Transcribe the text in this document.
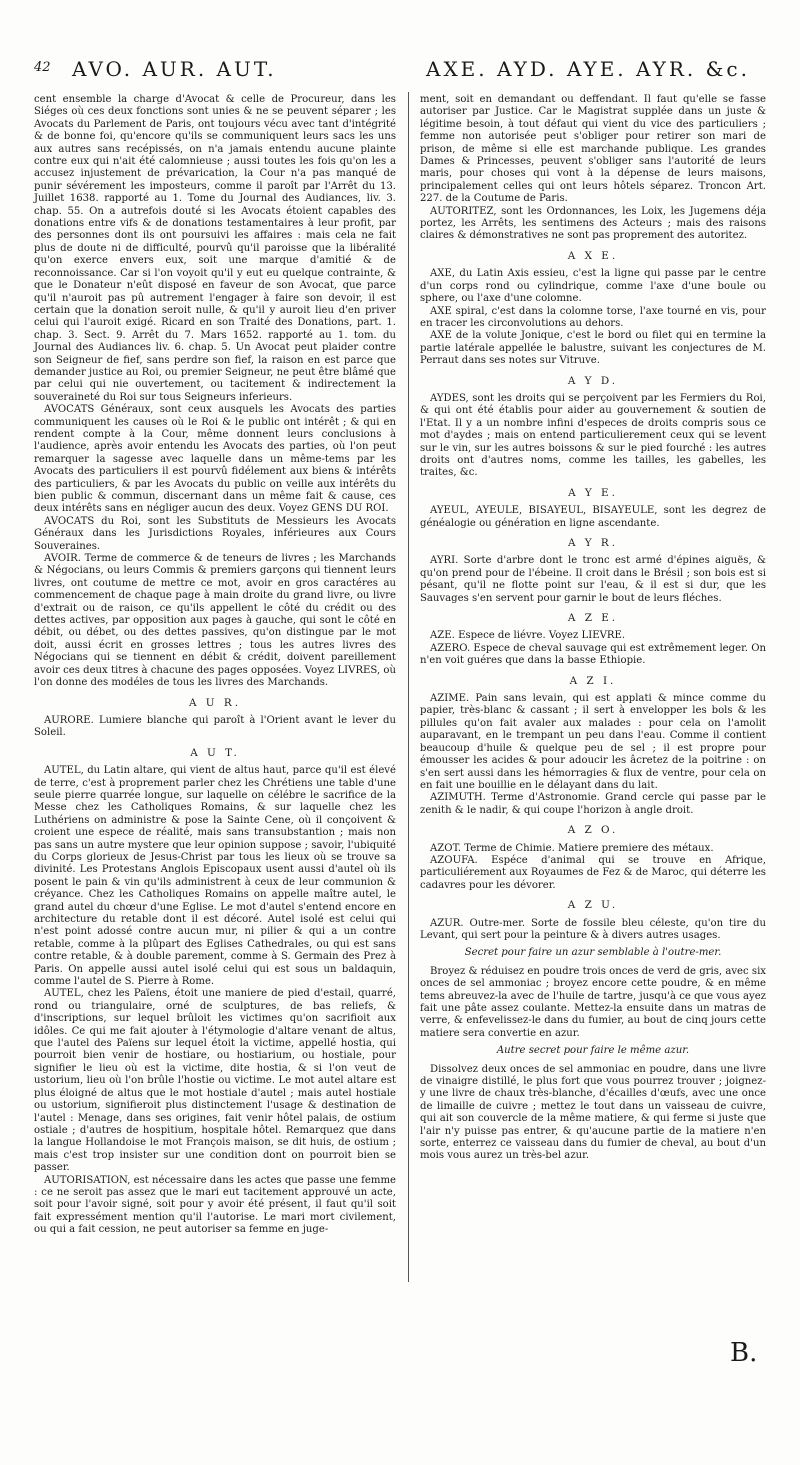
42 AVO. AUR. AUT.	AXE. AYD. AYE. AYR. &c.

cent ensemble la charge d'Avocat & celle de Procureur, dans les Siéges où ces deux fonctions sont unies & ne se peuvent séparer ; les Avocats du Parlement de Paris, ont toujours vécu avec tant d'intégrité & de bonne foi, qu'encore qu'ils se communiquent leurs sacs les uns aux autres sans recépissés, on n'a jamais entendu aucune plainte contre eux qui n'ait été calomnieuse ; aussi toutes les fois qu'on les a accusez injustement de prévarication, la Cour n'a pas manqué de punir sévérement les imposteurs, comme il paroît par l'Arrêt du 13. Juillet 1638. rapporté au 1. Tome du Journal des Audiances, liv. 3. chap. 55. On a autrefois douté si les Avocats étoient capables des donations entre vifs & de donations testamentaires à leur profit, par des personnes dont ils ont poursuivi les affaires : mais cela ne fait plus de doute ni de difficulté, pourvû qu'il paroisse que la libéralité qu'on exerce envers eux, soit une marque d'amitié & de reconnoissance. Car si l'on voyoit qu'il y eut eu quelque contrainte, & que le Donateur n'eût disposé en faveur de son Avocat, que parce qu'il n'auroit pas pû autrement l'engager à faire son devoir, il est certain que la donation seroit nulle, & qu'il y auroit lieu d'en priver celui qui l'auroit exigé. Ricard en son Traité des Donations, part. 1. chap. 3. Sect. 9. Arrêt du 7. Mars 1652. rapporté au 1. tom. du Journal des Audiances liv. 6. chap. 5. Un Avocat peut plaider contre son Seigneur de fief, sans perdre son fief, la raison en est parce que demander justice au Roi, ou premier Seigneur, ne peut être blâmé que par celui qui nie ouvertement, ou tacitement & indirectement la souveraineté du Roi sur tous Seigneurs inferieurs.

AVOCATS Généraux, sont ceux ausquels les Avocats des parties communiquent les causes où le Roi & le public ont intérêt ; & qui en rendent compte à la Cour, même donnent leurs conclusions à l'audience, après avoir entendu les Avocats des parties, où l'on peut remarquer la sagesse avec laquelle dans un même-tems par les Avocats des particuliers il est pourvû fidélement aux biens & intérêts des particuliers, & par les Avocats du public on veille aux intérêts du bien public & commun, discernant dans un même fait & cause, ces deux intérêts sans en négliger aucun des deux. Voyez GENS DU ROI.

AVOCATS du Roi, sont les Substituts de Messieurs les Avocats Généraux dans les Jurisdictions Royales, inférieures aux Cours Souveraines.

AVOIR. Terme de commerce & de teneurs de livres ; les Marchands & Négocians, ou leurs Commis & premiers garçons qui tiennent leurs livres, ont coutume de mettre ce mot, avoir en gros caractéres au commencement de chaque page à main droite du grand livre, ou livre d'extrait ou de raison, ce qu'ils appellent le côté du crédit ou des dettes actives, par opposition aux pages à gauche, qui sont le côté en débit, ou débet, ou des dettes passives, qu'on distingue par le mot doit, aussi écrit en grosses lettres ; tous les autres livres des Négocians qui se tiennent en débit & crédit, doivent pareillement avoir ces deux titres à chacune des pages opposées. Voyez LIVRES, où l'on donne des modéles de tous les livres des Marchands.

A U R.

AURORE. Lumiere blanche qui paroît à l'Orient avant le lever du Soleil.

A U T.

AUTEL, du Latin altare, qui vient de altus haut, parce qu'il est élevé de terre, c'est à proprement parler chez les Chrétiens une table d'une seule pierre quarrée longue, sur laquelle on célébre le sacrifice de la Messe chez les Catholiques Romains, & sur laquelle chez les Luthériens on administre & pose la Sainte Cene, où il conçoivent & croient une espece de réalité, mais sans transubstantion ; mais non pas sans un autre mystere que leur opinion suppose ; savoir, l'ubiquité du Corps glorieux de Jesus-Christ par tous les lieux où se trouve sa divinité. Les Protestans Anglois Episcopaux usent aussi d'autel où ils posent le pain & vin qu'ils administrent à ceux de leur communion & créyance. Chez les Catholiques Romains on appelle maître autel, le grand autel du chœur d'une Eglise. Le mot d'autel s'entend encore en architecture du retable dont il est décoré. Autel isolé est celui qui n'est point adossé contre aucun mur, ni pilier & qui a un contre retable, comme à la plûpart des Eglises Cathedrales, ou qui est sans contre retable, & à double parement, comme à S. Germain des Prez à Paris. On appelle aussi autel isolé celui qui est sous un baldaquin, comme l'autel de S. Pierre à Rome.

AUTEL, chez les Païens, étoit une maniere de pied d'estail, quarré, rond ou triangulaire, orné de sculptures, de bas reliefs, & d'inscriptions, sur lequel brûloit les victimes qu'on sacrifioit aux idôles. Ce qui me fait ajouter à l'étymologie d'altare venant de altus, que l'autel des Païens sur lequel étoit la victime, appellé hostia, qui pourroit bien venir de hostiare, ou hostiarium, ou hostiale, pour signifier le lieu où est la victime, dite hostia, & si l'on veut de ustorium, lieu où l'on brûle l'hostie ou victime. Le mot autel altare est plus éloigné de altus que le mot hostiale d'autel ; mais autel hostiale ou ustorium, signifieroit plus distinctement l'usage & destination de l'autel : Menage, dans ses origines, fait venir hôtel palais, de ostium ostiale ; d'autres de hospitium, hospitale hôtel. Remarquez que dans la langue Hollandoise le mot François maison, se dit huis, de ostium ; mais c'est trop insister sur une condition dont on pourroit bien se passer.

AUTORISATION, est nécessaire dans les actes que passe une femme : ce ne seroit pas assez que le mari eut tacitement approuvé un acte, soit pour l'avoir signé, soit pour y avoir été présent, il faut qu'il soit fait expressément mention qu'il l'autorise. Le mari mort civilement, ou qui a fait cession, ne peut autoriser sa femme en juge-

ment, soit en demandant ou deffendant. Il faut qu'elle se fasse autoriser par Justice. Car le Magistrat supplée dans un juste & légitime besoin, à tout défaut qui vient du vice des particuliers ; femme non autorisée peut s'obliger pour retirer son mari de prison, de même si elle est marchande publique. Les grandes Dames & Princesses, peuvent s'obliger sans l'autorité de leurs maris, pour choses qui vont à la dépense de leurs maisons, principalement celles qui ont leurs hôtels séparez. Troncon Art. 227. de la Coutume de Paris.

AUTORITEZ, sont les Ordonnances, les Loix, les Jugemens déja portez, les Arrêts, les sentimens des Acteurs ; mais des raisons claires & démonstratives ne sont pas proprement des autoritez.

A X E.

AXE, du Latin Axis essieu, c'est la ligne qui passe par le centre d'un corps rond ou cylindrique, comme l'axe d'une boule ou sphere, ou l'axe d'une colomne.

AXE spiral, c'est dans la colomne torse, l'axe tourné en vis, pour en tracer les circonvolutions au dehors.

AXE de la volute Jonique, c'est le bord ou filet qui en termine la partie latérale appellée le balustre, suivant les conjectures de M. Perraut dans ses notes sur Vitruve.

A Y D.

AYDES, sont les droits qui se perçoivent par les Fermiers du Roi, & qui ont été établis pour aider au gouvernement & soutien de l'Etat. Il y a un nombre infini d'especes de droits compris sous ce mot d'aydes ; mais on entend particulierement ceux qui se levent sur le vin, sur les autres boissons & sur le pied fourché : les autres droits ont d'autres noms, comme les tailles, les gabelles, les traites, &c.

A Y E.

AYEUL, AYEULE, BISAYEUL, BISAYEULE, sont les degrez de généalogie ou génération en ligne ascendante.

A Y R.

AYRI. Sorte d'arbre dont le tronc est armé d'épines aiguës, & qu'on prend pour de l'ébeine. Il croit dans le Brésil ; son bois est si pésant, qu'il ne flotte point sur l'eau, & il est si dur, que les Sauvages s'en servent pour garnir le bout de leurs fléches.

A Z E.

AZE. Espece de liévre. Voyez LIEVRE.

AZERO. Espece de cheval sauvage qui est extrêmement leger. On n'en voit guéres que dans la basse Ethiopie.

A Z I.

AZIME. Pain sans levain, qui est applati & mince comme du papier, très-blanc & cassant ; il sert à envelopper les bols & les pillules qu'on fait avaler aux malades : pour cela on l'amolit auparavant, en le trempant un peu dans l'eau. Comme il contient beaucoup d'huile & quelque peu de sel ; il est propre pour émousser les acides & pour adoucir les âcretez de la poitrine : on s'en sert aussi dans les hémorragies & flux de ventre, pour cela on en fait une bouillie en le délayant dans du lait.

AZIMUTH. Terme d'Astronomie. Grand cercle qui passe par le zenith & le nadir, & qui coupe l'horizon à angle droit.

A Z O.

AZOT. Terme de Chimie. Matiere premiere des métaux.

AZOUFA. Espéce d'animal qui se trouve en Afrique, particuliérement aux Royaumes de Fez & de Maroc, qui déterre les cadavres pour les dévorer.

A Z U.

AZUR. Outre-mer. Sorte de fossile bleu céleste, qu'on tire du Levant, qui sert pour la peinture & à divers autres usages.

Secret pour faire un azur semblable à l'outre-mer.

Broyez & réduisez en poudre trois onces de verd de gris, avec six onces de sel ammoniac ; broyez encore cette poudre, & en même tems abreuvez-la avec de l'huile de tartre, jusqu'à ce que vous ayez fait une pâte assez coulante. Mettez-la ensuite dans un matras de verre, & enfevelissez-le dans du fumier, au bout de cinq jours cette matiere sera convertie en azur.

Autre secret pour faire le même azur.

Dissolvez deux onces de sel ammoniac en poudre, dans une livre de vinaigre distillé, le plus fort que vous pourrez trouver ; joignez-y une livre de chaux très-blanche, d'écailles d'œufs, avec une once de limaille de cuivre ; mettez le tout dans un vaisseau de cuivre, qui ait son couvercle de la même matiere, & qui ferme si juste que l'air n'y puisse pas entrer, & qu'aucune partie de la matiere n'en sorte, enterrez ce vaisseau dans du fumier de cheval, au bout d'un mois vous aurez un très-bel azur.

B.
